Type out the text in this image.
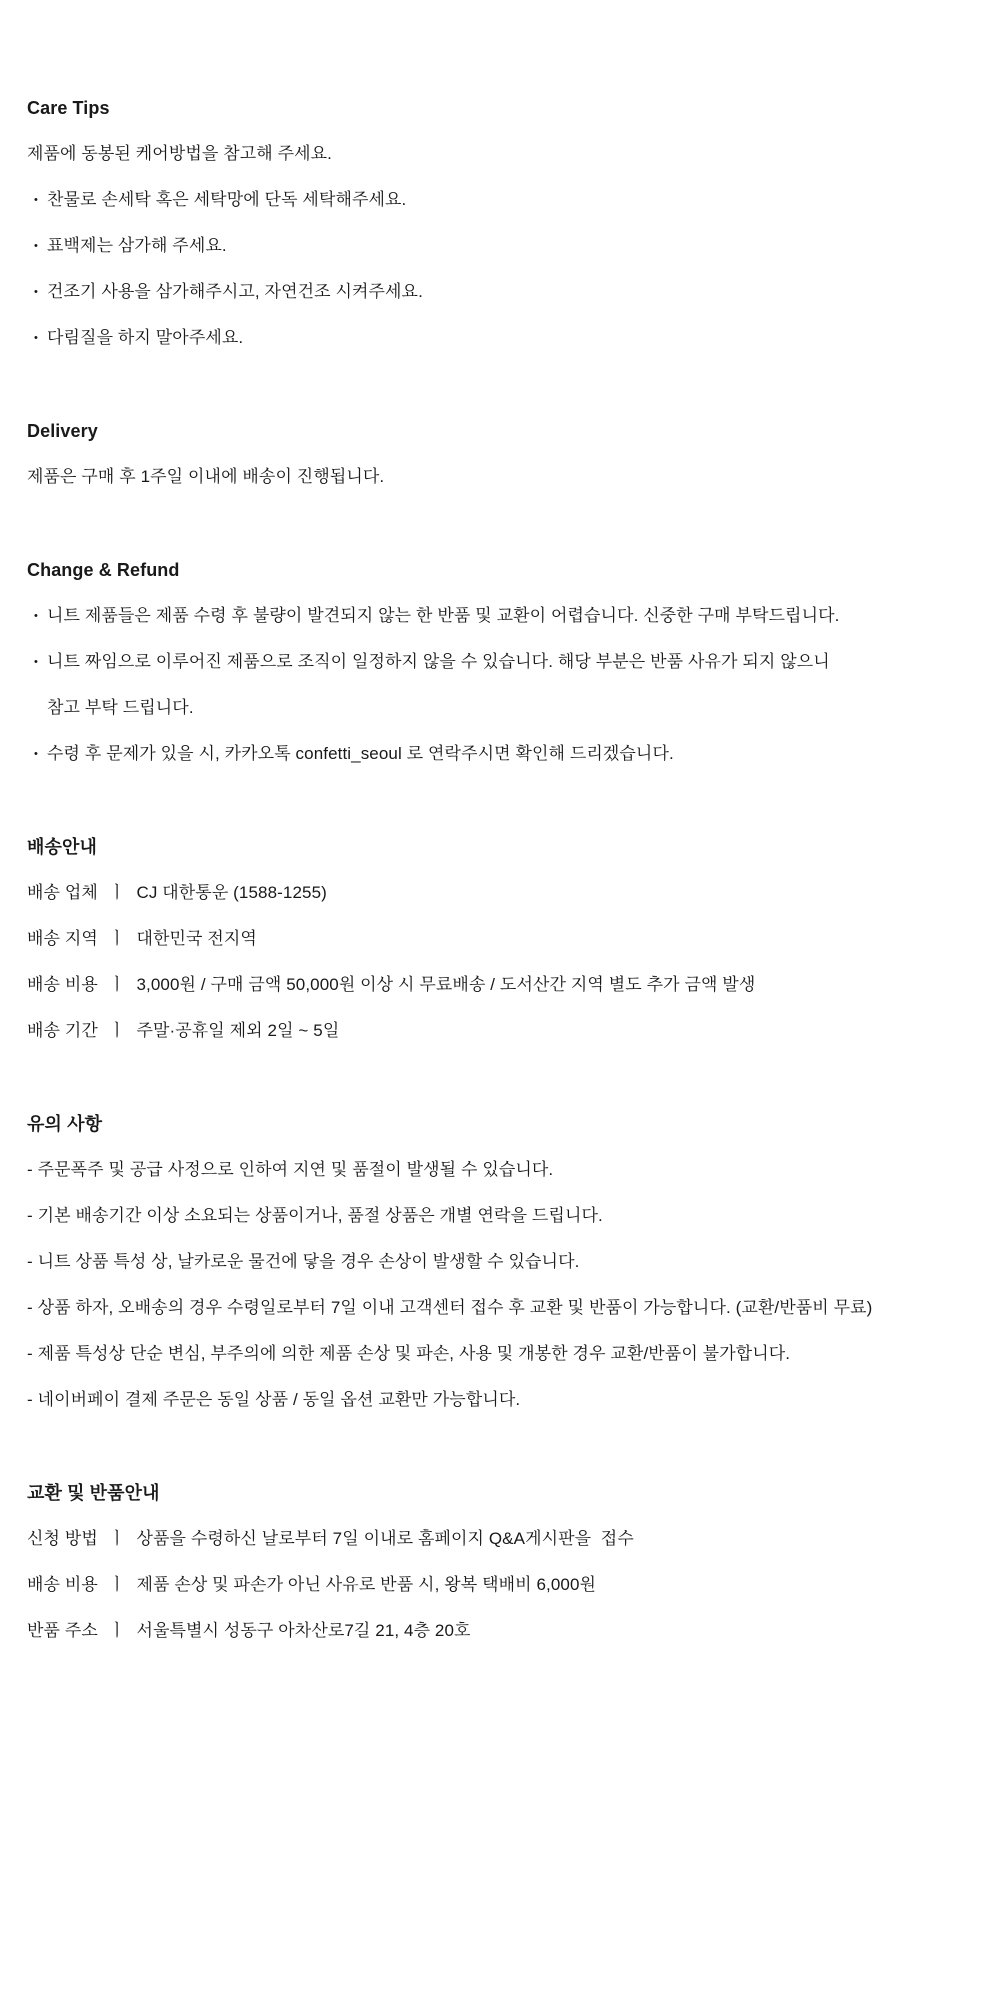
Care Tips

제품에 동봉된 케어방법을 참고해 주세요.

• 찬물로 손세탁 혹은 세탁망에 단독 세탁해주세요.

• 표백제는 삼가해 주세요.

• 건조기 사용을 삼가해주시고, 자연건조 시켜주세요.

• 다림질을 하지 말아주세요.

Delivery

제품은 구매 후 1주일 이내에 배송이 진행됩니다.

Change & Refund

• 니트 제품들은 제품 수령 후 불량이 발견되지 않는 한 반품 및 교환이 어렵습니다. 신중한 구매 부탁드립니다.

• 니트 짜임으로 이루어진 제품으로 조직이 일정하지 않을 수 있습니다. 해당 부분은 반품 사유가 되지 않으니

참고 부탁 드립니다.

• 수령 후 문제가 있을 시, 카카오톡 confetti_seoul 로 연락주시면 확인해 드리겠습니다.

배송안내

배송 업체 ㅣ CJ 대한통운 (1588-1255)

배송 지역 ㅣ 대한민국 전지역

배송 비용 ㅣ 3,000원 / 구매 금액 50,000원 이상 시 무료배송 / 도서산간 지역 별도 추가 금액 발생

배송 기간 ㅣ 주말·공휴일 제외 2일 ~ 5일

유의 사항

- 주문폭주 및 공급 사정으로 인하여 지연 및 품절이 발생될 수 있습니다.

- 기본 배송기간 이상 소요되는 상품이거나, 품절 상품은 개별 연락을 드립니다.

- 니트 상품 특성 상, 날카로운 물건에 닿을 경우 손상이 발생할 수 있습니다.

- 상품 하자, 오배송의 경우 수령일로부터 7일 이내 고객센터 접수 후 교환 및 반품이 가능합니다. (교환/반품비 무료)

- 제품 특성상 단순 변심, 부주의에 의한 제품 손상 및 파손, 사용 및 개봉한 경우 교환/반품이 불가합니다.

- 네이버페이 결제 주문은 동일 상품 / 동일 옵션 교환만 가능합니다.

교환 및 반품안내

신청 방법 ㅣ 상품을 수령하신 날로부터 7일 이내로 홈페이지 Q&A게시판을  접수

배송 비용 ㅣ 제품 손상 및 파손가 아닌 사유로 반품 시, 왕복 택배비 6,000원

반품 주소 ㅣ 서울특별시 성동구 아차산로7길 21, 4층 20호
